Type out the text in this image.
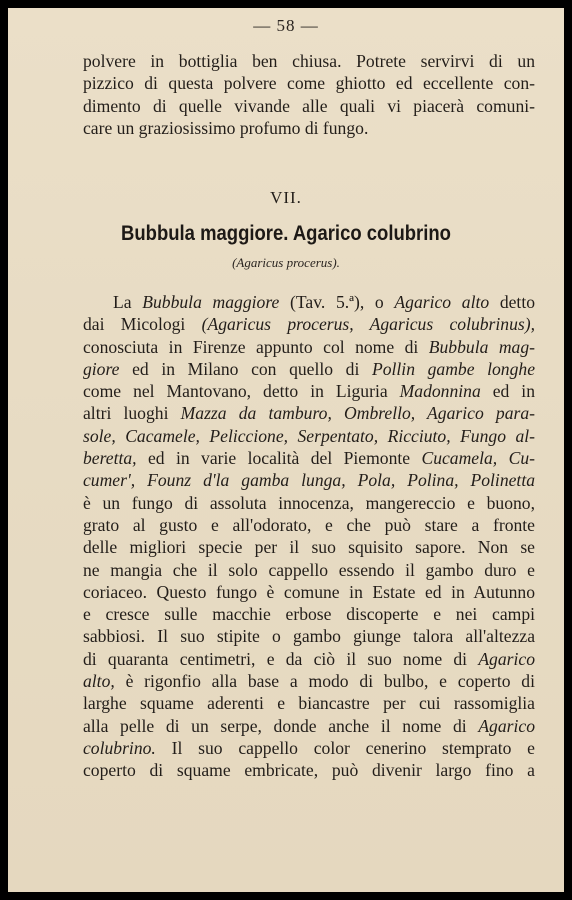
— 58 —
polvere in bottiglia ben chiusa. Potrete servirvi di un
pizzico di questa polvere come ghiotto ed eccellente con-
dimento di quelle vivande alle quali vi piacerà comuni-
care un graziosissimo profumo di fungo.
VII.
Bubbula maggiore. Agarico colubrino
(Agaricus procerus).
La Bubbula maggiore (Tav. 5.ª), o Agarico alto detto
dai Micologi (Agaricus procerus, Agaricus colubrinus),
conosciuta in Firenze appunto col nome di Bubbula mag-
giore ed in Milano con quello di Pollin gambe longhe
come nel Mantovano, detto in Liguria Madonnina ed in
altri luoghi Mazza da tamburo, Ombrello, Agarico para-
sole, Cacamele, Peliccione, Serpentato, Ricciuto, Fungo al-
beretta, ed in varie località del Piemonte Cucamela, Cu-
cumer', Founz d'la gamba lunga, Pola, Polina, Polinetta
è un fungo di assoluta innocenza, mangereccio e buono,
grato al gusto e all'odorato, e che può stare a fronte
delle migliori specie per il suo squisito sapore. Non se
ne mangia che il solo cappello essendo il gambo duro e
coriaceo. Questo fungo è comune in Estate ed in Autunno
e cresce sulle macchie erbose discoperte e nei campi
sabbiosi. Il suo stipite o gambo giunge talora all'altezza
di quaranta centimetri, e da ciò il suo nome di Agarico
alto, è rigonfio alla base a modo di bulbo, e coperto di
larghe squame aderenti e biancastre per cui rassomiglia
alla pelle di un serpe, donde anche il nome di Agarico
colubrino. Il suo cappello color cenerino stemprato e
coperto di squame embricate, può divenir largo fino a
